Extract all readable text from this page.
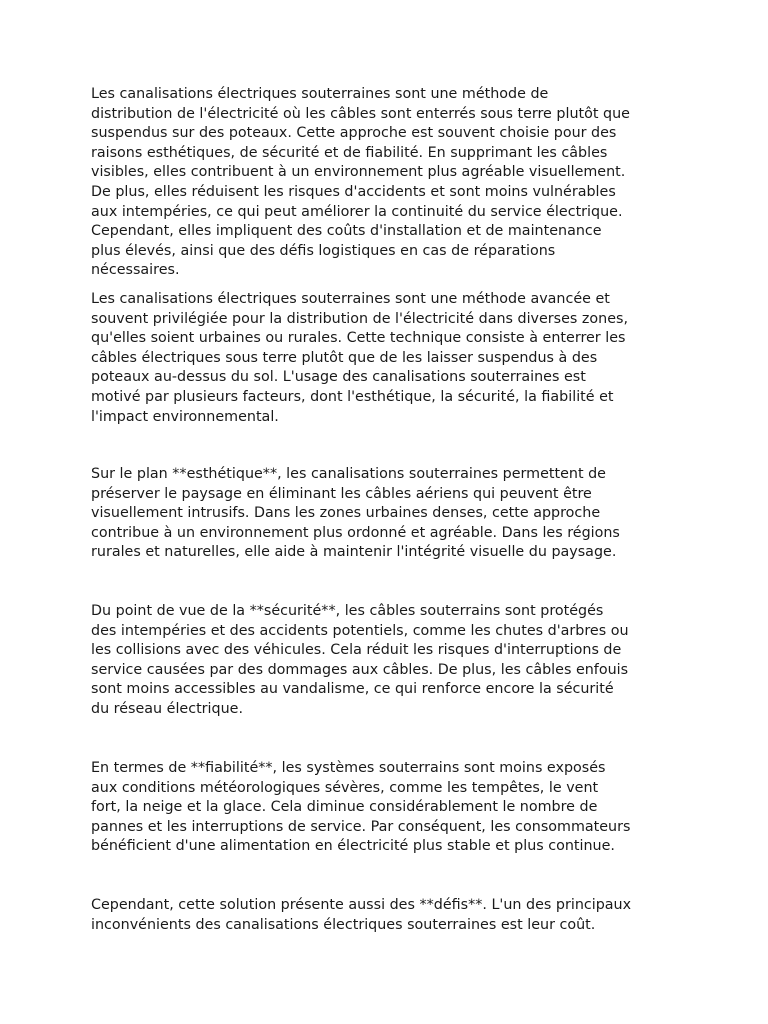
Les canalisations électriques souterraines sont une méthode de
distribution de l'électricité où les câbles sont enterrés sous terre plutôt que
suspendus sur des poteaux. Cette approche est souvent choisie pour des
raisons esthétiques, de sécurité et de fiabilité. En supprimant les câbles
visibles, elles contribuent à un environnement plus agréable visuellement.
De plus, elles réduisent les risques d'accidents et sont moins vulnérables
aux intempéries, ce qui peut améliorer la continuité du service électrique.
Cependant, elles impliquent des coûts d'installation et de maintenance
plus élevés, ainsi que des défis logistiques en cas de réparations
nécessaires.

Les canalisations électriques souterraines sont une méthode avancée et
souvent privilégiée pour la distribution de l'électricité dans diverses zones,
qu'elles soient urbaines ou rurales. Cette technique consiste à enterrer les
câbles électriques sous terre plutôt que de les laisser suspendus à des
poteaux au-dessus du sol. L'usage des canalisations souterraines est
motivé par plusieurs facteurs, dont l'esthétique, la sécurité, la fiabilité et
l'impact environnemental.

Sur le plan **esthétique**, les canalisations souterraines permettent de
préserver le paysage en éliminant les câbles aériens qui peuvent être
visuellement intrusifs. Dans les zones urbaines denses, cette approche
contribue à un environnement plus ordonné et agréable. Dans les régions
rurales et naturelles, elle aide à maintenir l'intégrité visuelle du paysage.

Du point de vue de la **sécurité**, les câbles souterrains sont protégés
des intempéries et des accidents potentiels, comme les chutes d'arbres ou
les collisions avec des véhicules. Cela réduit les risques d'interruptions de
service causées par des dommages aux câbles. De plus, les câbles enfouis
sont moins accessibles au vandalisme, ce qui renforce encore la sécurité
du réseau électrique.

En termes de **fiabilité**, les systèmes souterrains sont moins exposés
aux conditions météorologiques sévères, comme les tempêtes, le vent
fort, la neige et la glace. Cela diminue considérablement le nombre de
pannes et les interruptions de service. Par conséquent, les consommateurs
bénéficient d'une alimentation en électricité plus stable et plus continue.

Cependant, cette solution présente aussi des **défis**. L'un des principaux
inconvénients des canalisations électriques souterraines est leur coût.
